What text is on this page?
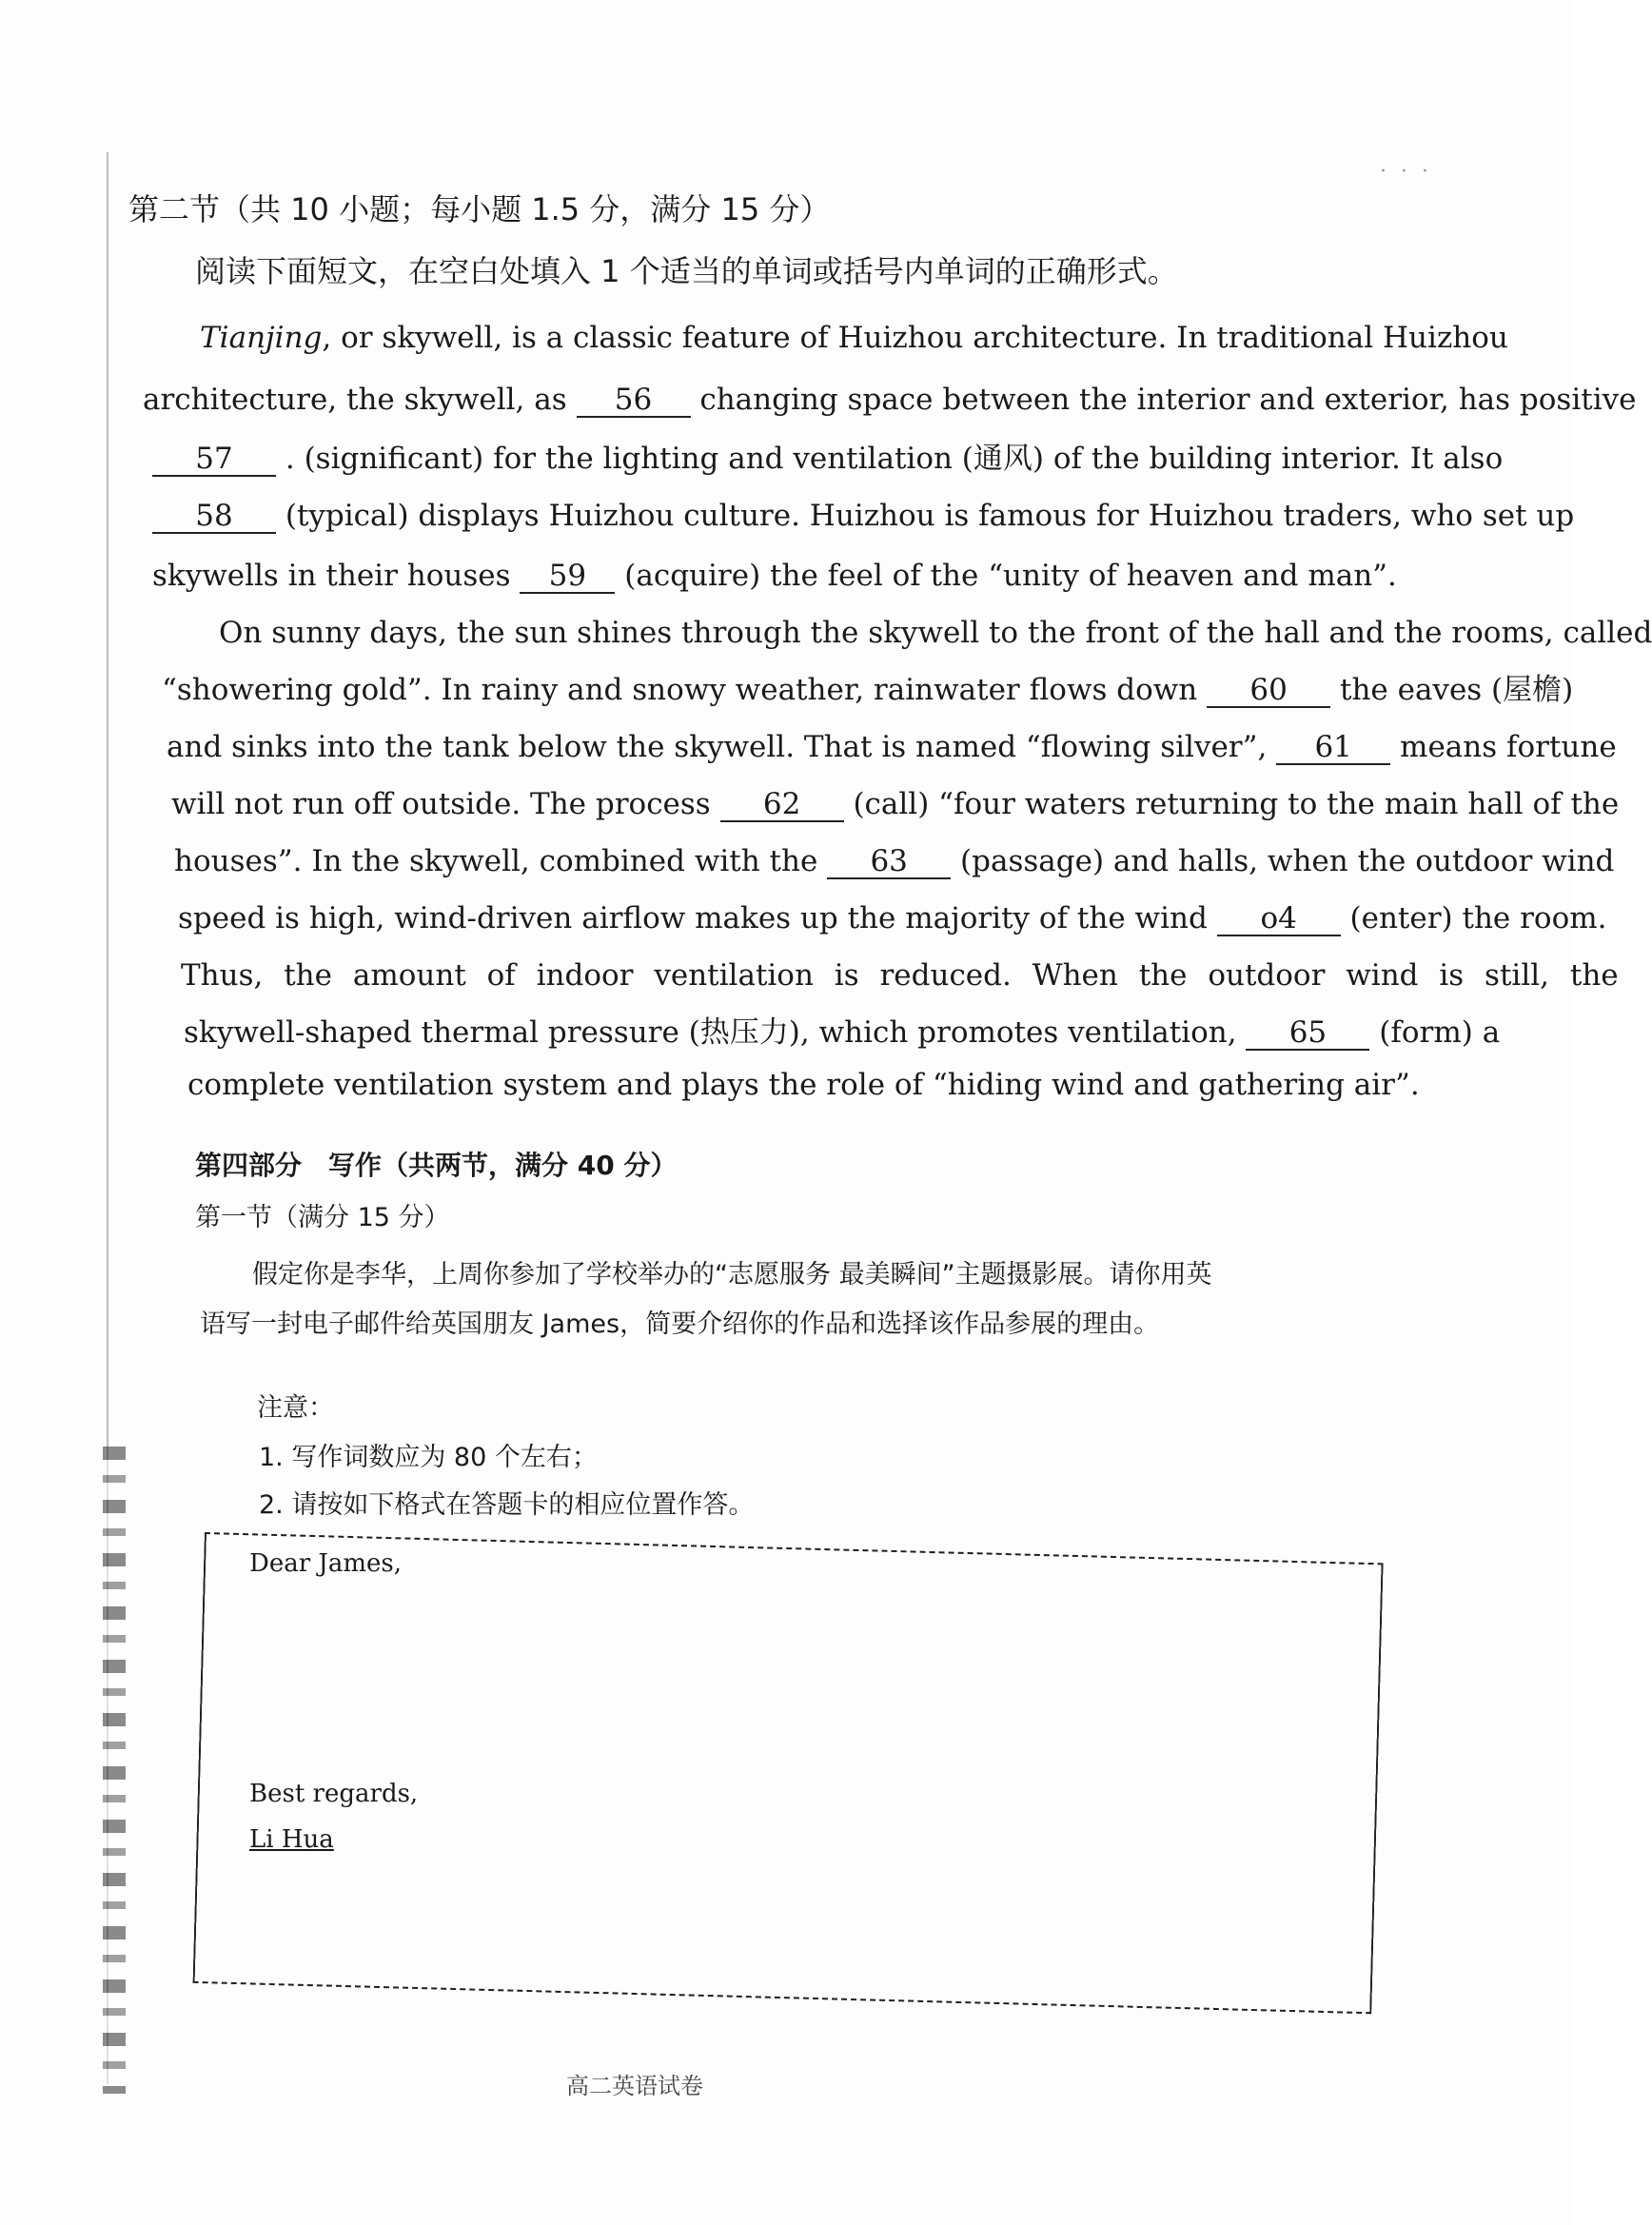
· · ·
第二节（共 10 小题；每小题 1.5 分，满分 15 分）
阅读下面短文，在空白处填入 1 个适当的单词或括号内单词的正确形式。
Tianjing, or skywell, is a classic feature of Huizhou architecture. In traditional Huizhou
architecture, the skywell, as 56 changing space between the interior and exterior, has positive
57 . (significant) for the lighting and ventilation (通风) of the building interior. It also
58 (typical) displays Huizhou culture. Huizhou is famous for Huizhou traders, who set up
skywells in their houses 59 (acquire) the feel of the “unity of heaven and man”.
On sunny days, the sun shines through the skywell to the front of the hall and the rooms, called
“showering gold”. In rainy and snowy weather, rainwater flows down 60 the eaves (屋檐)
and sinks into the tank below the skywell. That is named “flowing silver”, 61 means fortune
will not run off outside. The process 62 (call) “four waters returning to the main hall of the
houses”. In the skywell, combined with the 63 (passage) and halls, when the outdoor wind
speed is high, wind-driven airflow makes up the majority of the wind o4 (enter) the room.
Thus, the amount of indoor ventilation is reduced. When the outdoor wind is still, the
skywell-shaped thermal pressure (热压力), which promotes ventilation, 65 (form) a
complete ventilation system and plays the role of “hiding wind and gathering air”.
第四部分　写作（共两节，满分 40 分）
第一节（满分 15 分）
假定你是李华，上周你参加了学校举办的“志愿服务 最美瞬间”主题摄影展。请你用英
语写一封电子邮件给英国朋友 James，简要介绍你的作品和选择该作品参展的理由。
注意：
1. 写作词数应为 80 个左右；
2. 请按如下格式在答题卡的相应位置作答。
Dear James,
Best regards,
Li Hua
高二英语试卷
